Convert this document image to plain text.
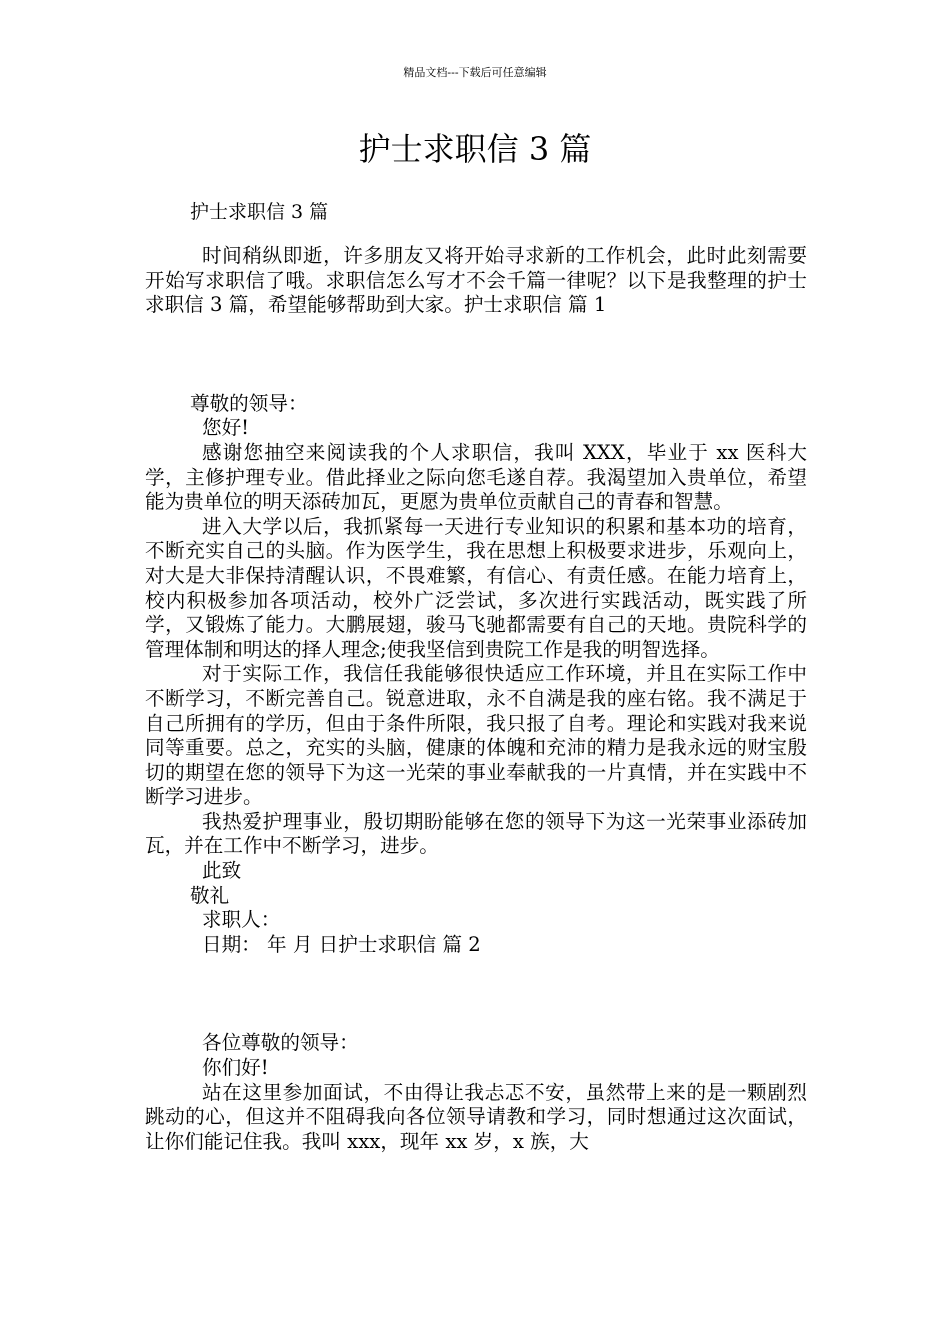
精品文档---下载后可任意编辑
护士求职信 3 篇
护士求职信 3 篇

时间稍纵即逝，许多朋友又将开始寻求新的工作机会，此时此刻需要开始写求职信了哦。求职信怎么写才不会千篇一律呢？以下是我整理的护士求职信 3 篇，希望能够帮助到大家。护士求职信 篇 1

尊敬的领导：

您好!

感谢您抽空来阅读我的个人求职信，我叫 XXX，毕业于 xx 医科大学，主修护理专业。借此择业之际向您毛遂自荐。我渴望加入贵单位，希望能为贵单位的明天添砖加瓦，更愿为贵单位贡献自己的青春和智慧。

进入大学以后，我抓紧每一天进行专业知识的积累和基本功的培育，不断充实自己的头脑。作为医学生，我在思想上积极要求进步，乐观向上，对大是大非保持清醒认识，不畏难繁，有信心、有责任感。在能力培育上，校内积极参加各项活动，校外广泛尝试，多次进行实践活动，既实践了所学，又锻炼了能力。大鹏展翅，骏马飞驰都需要有自己的天地。贵院科学的管理体制和明达的择人理念;使我坚信到贵院工作是我的明智选择。

对于实际工作，我信任我能够很快适应工作环境，并且在实际工作中不断学习，不断完善自己。锐意进取，永不自满是我的座右铭。我不满足于自己所拥有的学历，但由于条件所限，我只报了自考。理论和实践对我来说同等重要。总之，充实的头脑，健康的体魄和充沛的精力是我永远的财宝殷切的期望在您的领导下为这一光荣的事业奉献我的一片真情，并在实践中不断学习进步。

我热爱护理事业，殷切期盼能够在您的领导下为这一光荣事业添砖加瓦，并在工作中不断学习，进步。

此致

敬礼

求职人：

日期： 年 月 日护士求职信 篇 2

各位尊敬的领导：

你们好!

站在这里参加面试，不由得让我忐忑不安，虽然带上来的是一颗剧烈跳动的心，但这并不阻碍我向各位领导请教和学习，同时想通过这次面试，让你们能记住我。我叫 xxx，现年 xx 岁，x 族，大
